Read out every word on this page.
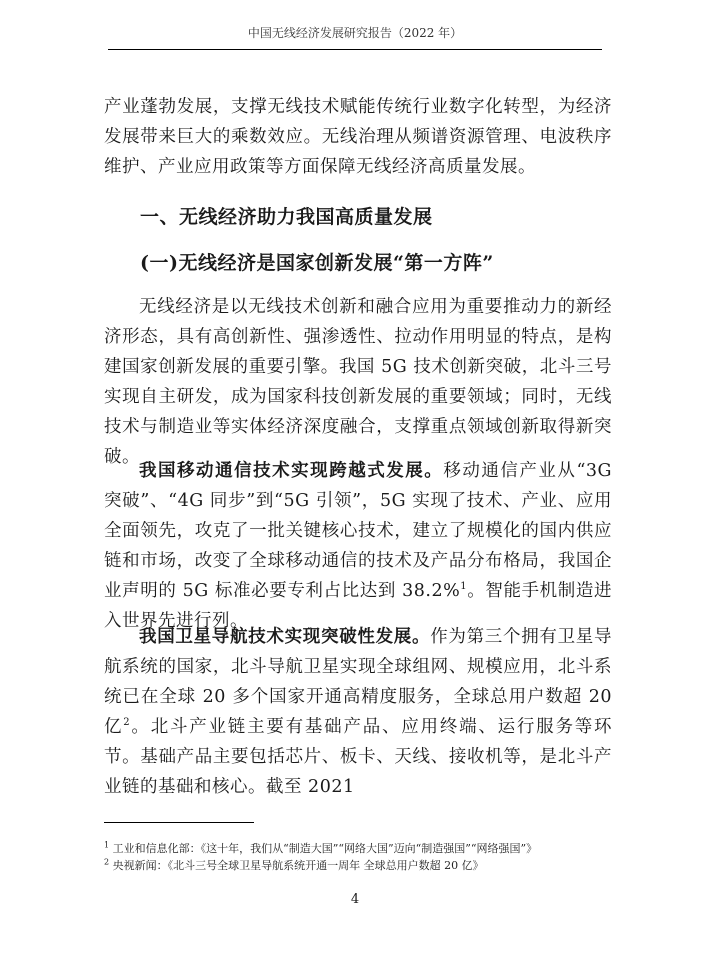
中国无线经济发展研究报告（2022 年）

产业蓬勃发展，支撑无线技术赋能传统行业数字化转型，为经济发展带来巨大的乘数效应。无线治理从频谱资源管理、电波秩序维护、产业应用政策等方面保障无线经济高质量发展。

一、无线经济助力我国高质量发展
(一)无线经济是国家创新发展“第一方阵”

无线经济是以无线技术创新和融合应用为重要推动力的新经济形态，具有高创新性、强渗透性、拉动作用明显的特点，是构建国家创新发展的重要引擎。我国 5G 技术创新突破，北斗三号实现自主研发，成为国家科技创新发展的重要领域；同时，无线技术与制造业等实体经济深度融合，支撑重点领域创新取得新突破。

我国移动通信技术实现跨越式发展。移动通信产业从“3G 突破”、“4G 同步”到“5G 引领”，5G 实现了技术、产业、应用全面领先，攻克了一批关键核心技术，建立了规模化的国内供应链和市场，改变了全球移动通信的技术及产品分布格局，我国企业声明的 5G 标准必要专利占比达到 38.2%$^1$。智能手机制造进入世界先进行列。

我国卫星导航技术实现突破性发展。作为第三个拥有卫星导航系统的国家，北斗导航卫星实现全球组网、规模应用，北斗系统已在全球 20 多个国家开通高精度服务，全球总用户数超 20 亿$^2$。北斗产业链主要有基础产品、应用终端、运行服务等环节。基础产品主要包括芯片、板卡、天线、接收机等，是北斗产业链的基础和核心。截至 2021

$^1$ 工业和信息化部：《这十年，我们从“制造大国”“网络大国”迈向“制造强国”“网络强国”》

$^2$ 央视新闻：《北斗三号全球卫星导航系统开通一周年 全球总用户数超 20 亿》

4
